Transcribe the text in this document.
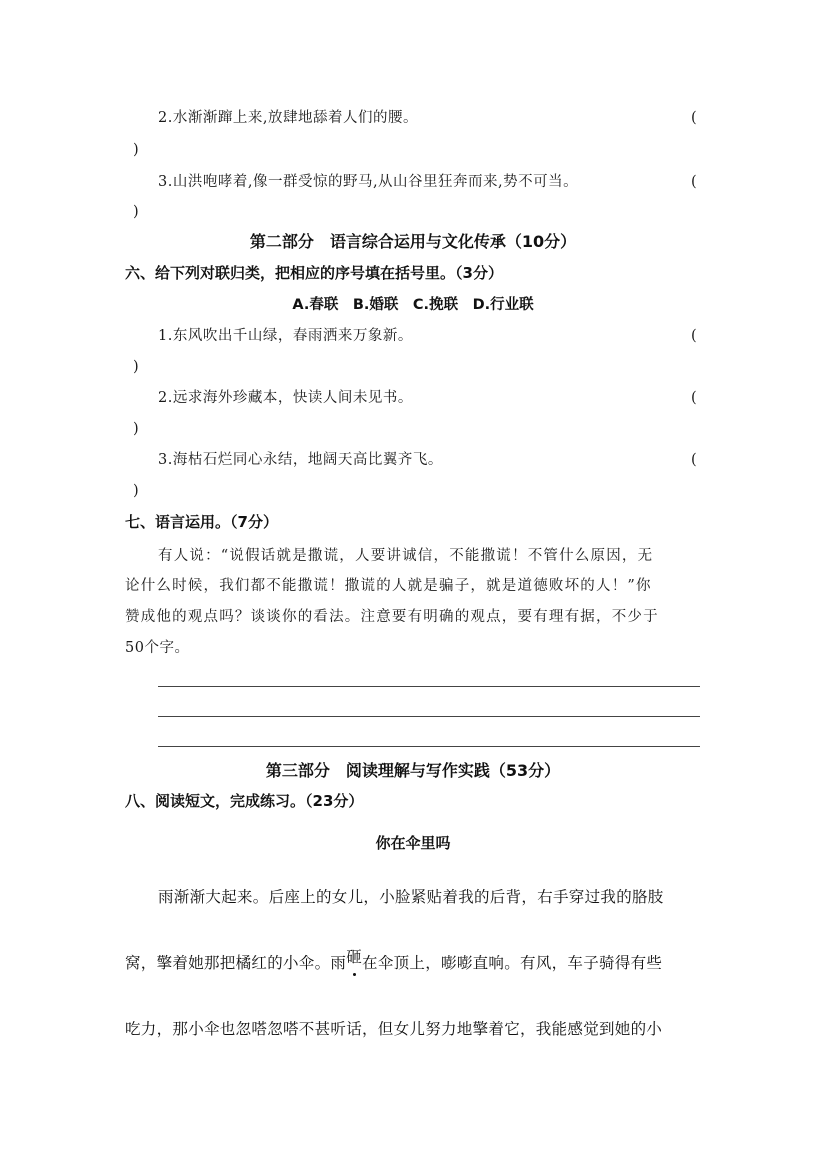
2.水渐渐蹿上来,放肆地舔着人们的腰。	(
)
3.山洪咆哮着,像一群受惊的野马,从山谷里狂奔而来,势不可当。	(
)
第二部分　语言综合运用与文化传承（10分）
六、给下列对联归类，把相应的序号填在括号里。（3分）
A.春联　B.婚联　C.挽联　D.行业联
1.东风吹出千山绿，春雨洒来万象新。	(
)
2.远求海外珍藏本，快读人间未见书。	(
)
3.海枯石烂同心永结，地阔天高比翼齐飞。	(
)
七、语言运用。（7分）
有人说：“说假话就是撒谎，人要讲诚信，不能撒谎！不管什么原因，无
论什么时候，我们都不能撒谎！撒谎的人就是骗子，就是道德败坏的人！”你
赞成他的观点吗？谈谈你的看法。注意要有明确的观点，要有理有据，不少于
50个字。
第三部分　阅读理解与写作实践（53分）
八、阅读短文，完成练习。（23分）
你在伞里吗
雨渐渐大起来。后座上的女儿，小脸紧贴着我的后背，右手穿过我的胳肢
窝，擎着她那把橘红的小伞。雨砸在伞顶上，嘭嘭直响。有风，车子骑得有些
吃力，那小伞也忽嗒忽嗒不甚听话，但女儿努力地擎着它，我能感觉到她的小
